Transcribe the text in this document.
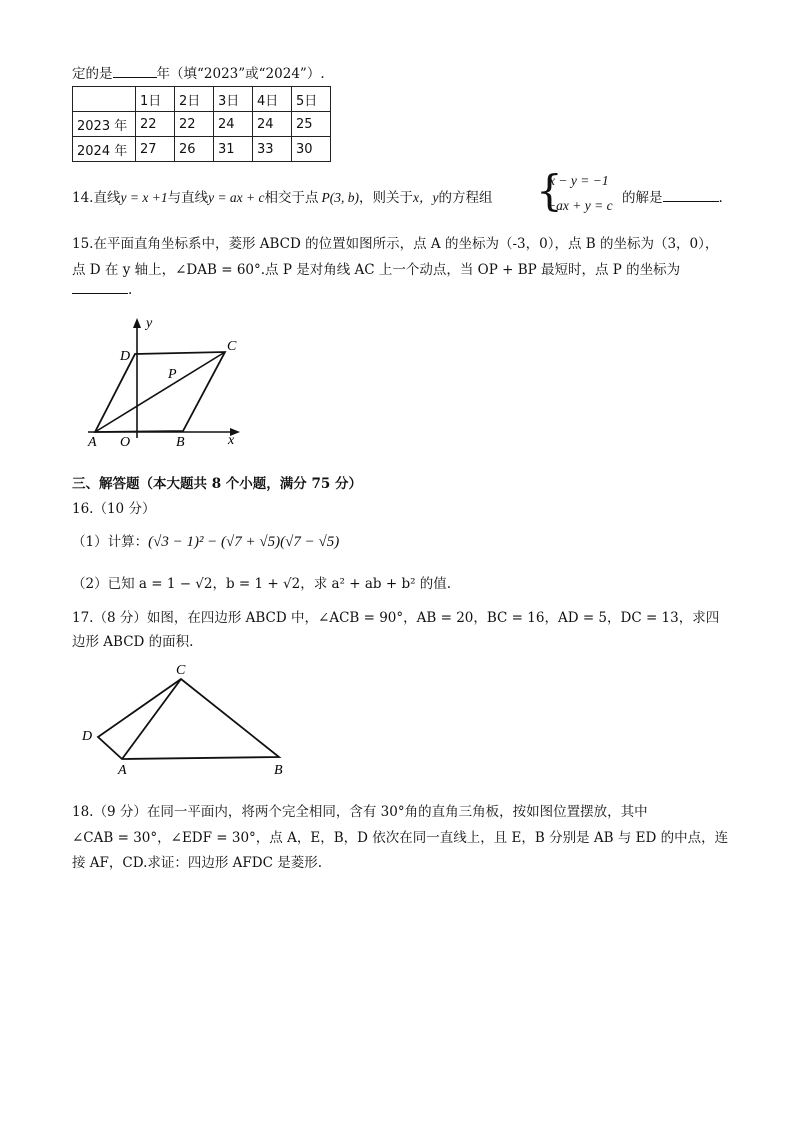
定的是	年（填“2023”或“2024”）.
	1日	2日	3日	4日	5日
2023 年	22	22	24	24	25
2024 年	27	26	31	33	30
14.直线y = x +1与直线y = ax + c相交于点 P(3, b)，则关于x，y的方程组 {
x − y = −1
−ax + y = c 的解是	.
15.在平面直角坐标系中，菱形 ABCD 的位置如图所示，点 A 的坐标为（-3，0），点 B 的坐标为（3，0），
点 D 在 y 轴上，∠DAB = 60°.点 P 是对角线 AC 上一个动点，当 OP + BP 最短时，点 P 的坐标为
.
y
x
D
C
P
A O	B
三、解答题（本大题共 8 个小题，满分 75 分）
16.（10 分）
（1）计算：(√3 − 1)² − (√7 + √5)(√7 − √5)
（2）已知 a = 1 − √2，b = 1 + √2，求 a² + ab + b² 的值.
17.（8 分）如图，在四边形 ABCD 中，∠ACB = 90°，AB = 20，BC = 16，AD = 5，DC = 13，求四
边形 ABCD 的面积.
C
D
A	B
18.（9 分）在同一平面内，将两个完全相同，含有 30°角的直角三角板，按如图位置摆放，其中
∠CAB = 30°，∠EDF = 30°，点 A，E，B，D 依次在同一直线上，且 E，B 分别是 AB 与 ED 的中点，连
接 AF，CD.求证：四边形 AFDC 是菱形.
